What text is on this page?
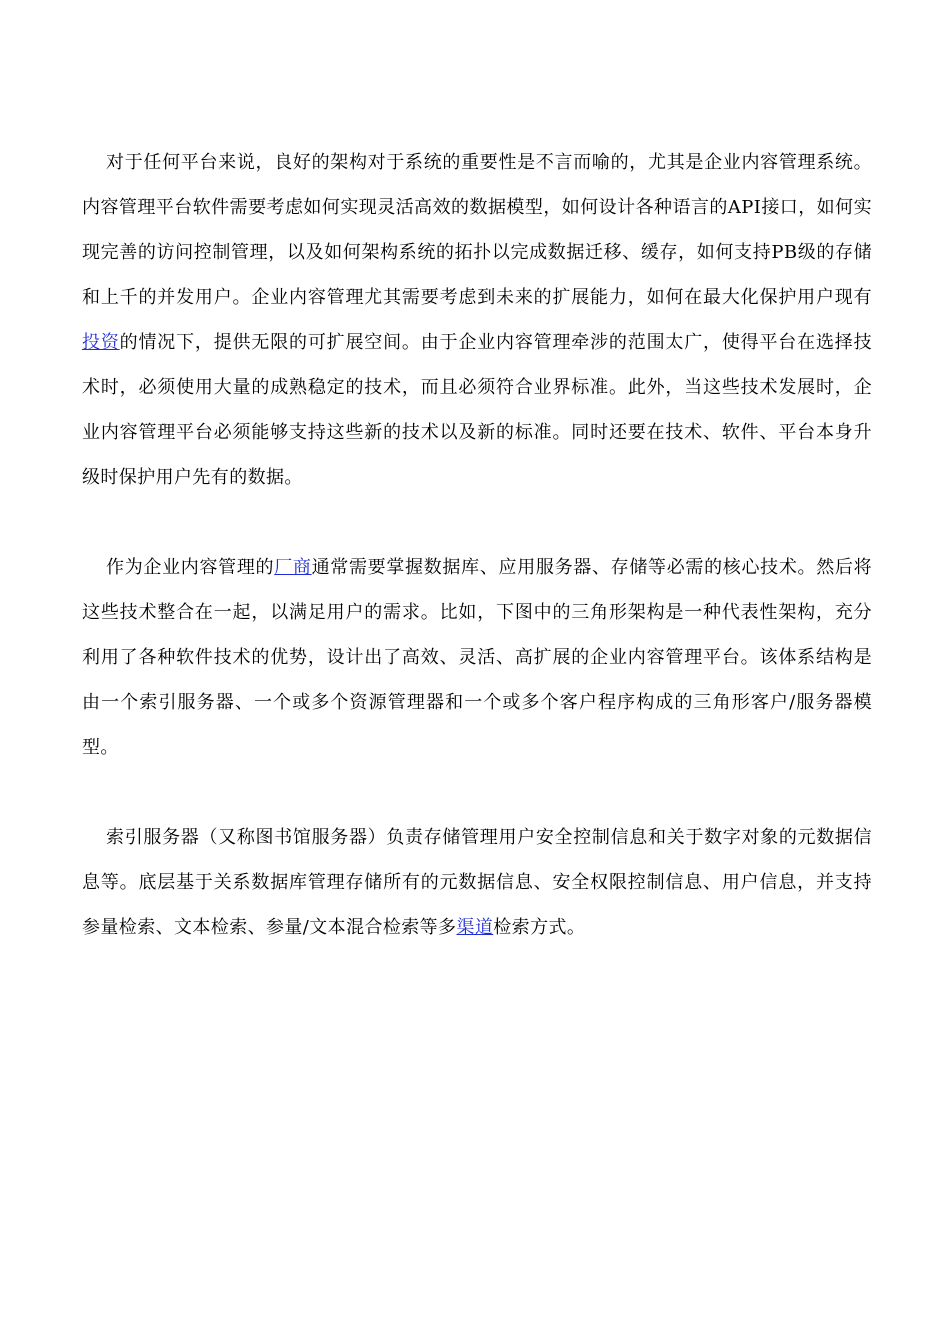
对于任何平台来说，良好的架构对于系统的重要性是不言而喻的，尤其是企业内容管理系统。内容管理平台软件需要考虑如何实现灵活高效的数据模型，如何设计各种语言的API接口，如何实现完善的访问控制管理，以及如何架构系统的拓扑以完成数据迁移、缓存，如何支持PB级的存储和上千的并发用户。企业内容管理尤其需要考虑到未来的扩展能力，如何在最大化保护用户现有投资的情况下，提供无限的可扩展空间。由于企业内容管理牵涉的范围太广，使得平台在选择技术时，必须使用大量的成熟稳定的技术，而且必须符合业界标准。此外，当这些技术发展时，企业内容管理平台必须能够支持这些新的技术以及新的标准。同时还要在技术、软件、平台本身升级时保护用户先有的数据。

作为企业内容管理的厂商通常需要掌握数据库、应用服务器、存储等必需的核心技术。然后将这些技术整合在一起，以满足用户的需求。比如，下图中的三角形架构是一种代表性架构，充分利用了各种软件技术的优势，设计出了高效、灵活、高扩展的企业内容管理平台。该体系结构是由一个索引服务器、一个或多个资源管理器和一个或多个客户程序构成的三角形客户/服务器模型。

索引服务器（又称图书馆服务器）负责存储管理用户安全控制信息和关于数字对象的元数据信息等。底层基于关系数据库管理存储所有的元数据信息、安全权限控制信息、用户信息，并支持参量检索、文本检索、参量/文本混合检索等多渠道检索方式。
